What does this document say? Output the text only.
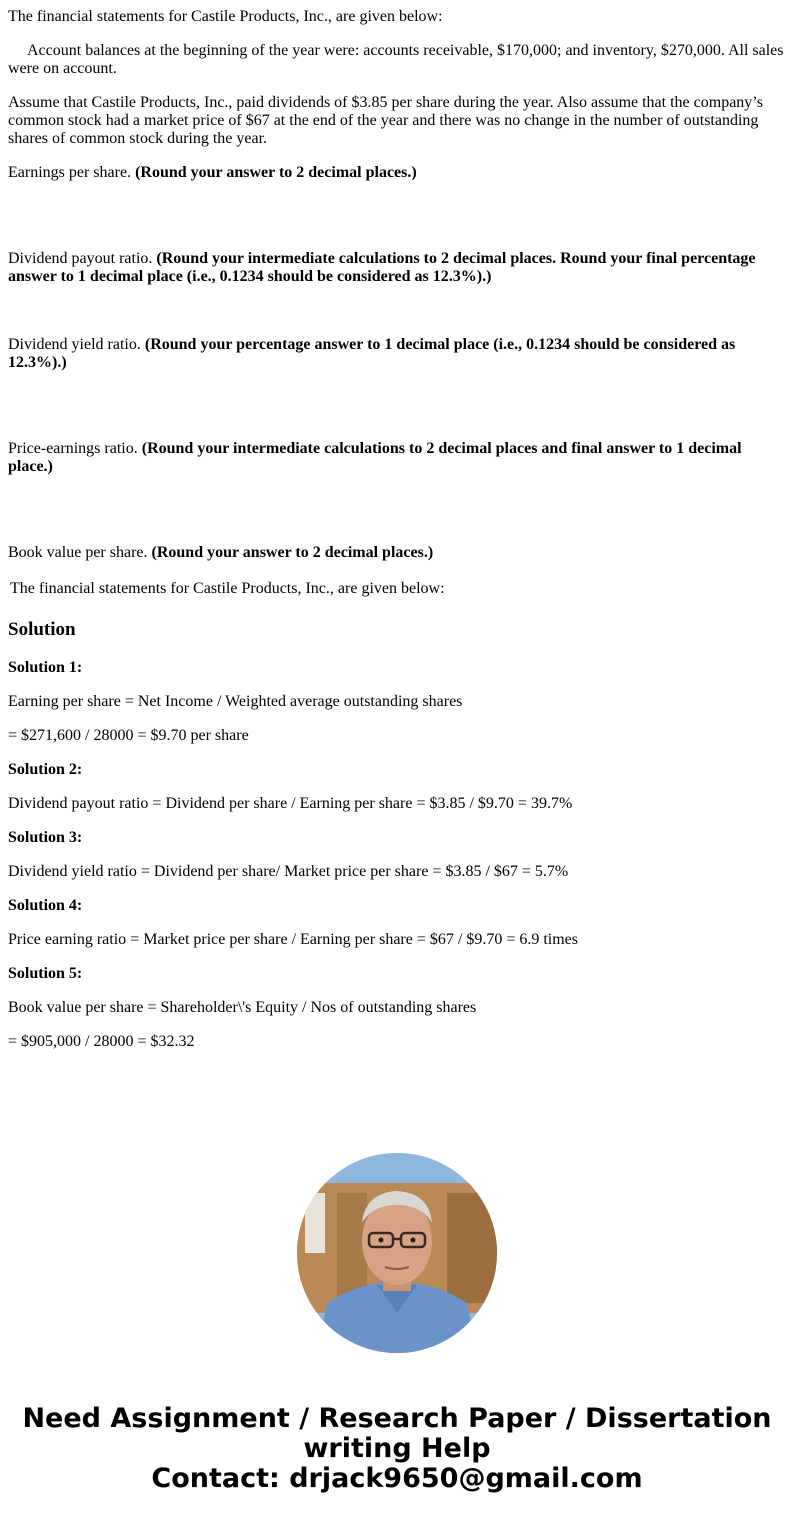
The financial statements for Castile Products, Inc., are given below:

Account balances at the beginning of the year were: accounts receivable, $170,000; and inventory, $270,000. All sales were on account.

Assume that Castile Products, Inc., paid dividends of $3.85 per share during the year. Also assume that the company’s common stock had a market price of $67 at the end of the year and there was no change in the number of outstanding shares of common stock during the year.

Earnings per share. (Round your answer to 2 decimal places.)

Dividend payout ratio. (Round your intermediate calculations to 2 decimal places. Round your final percentage answer to 1 decimal place (i.e., 0.1234 should be considered as 12.3%).)

Dividend yield ratio. (Round your percentage answer to 1 decimal place (i.e., 0.1234 should be considered as 12.3%).)

Price-earnings ratio. (Round your intermediate calculations to 2 decimal places and final answer to 1 decimal place.)

Book value per share. (Round your answer to 2 decimal places.)

The financial statements for Castile Products, Inc., are given below:

Solution

Solution 1:

Earning per share = Net Income / Weighted average outstanding shares

= $271,600 / 28000 = $9.70 per share

Solution 2:

Dividend payout ratio = Dividend per share / Earning per share = $3.85 / $9.70 = 39.7%

Solution 3:

Dividend yield ratio = Dividend per share/ Market price per share = $3.85 / $67 = 5.7%

Solution 4:

Price earning ratio = Market price per share / Earning per share = $67 / $9.70 = 6.9 times

Solution 5:

Book value per share = Shareholder\'s Equity / Nos of outstanding shares

= $905,000 / 28000 = $32.32

Need Assignment / Research Paper / Dissertation writing Help
Contact: drjack9650@gmail.com
